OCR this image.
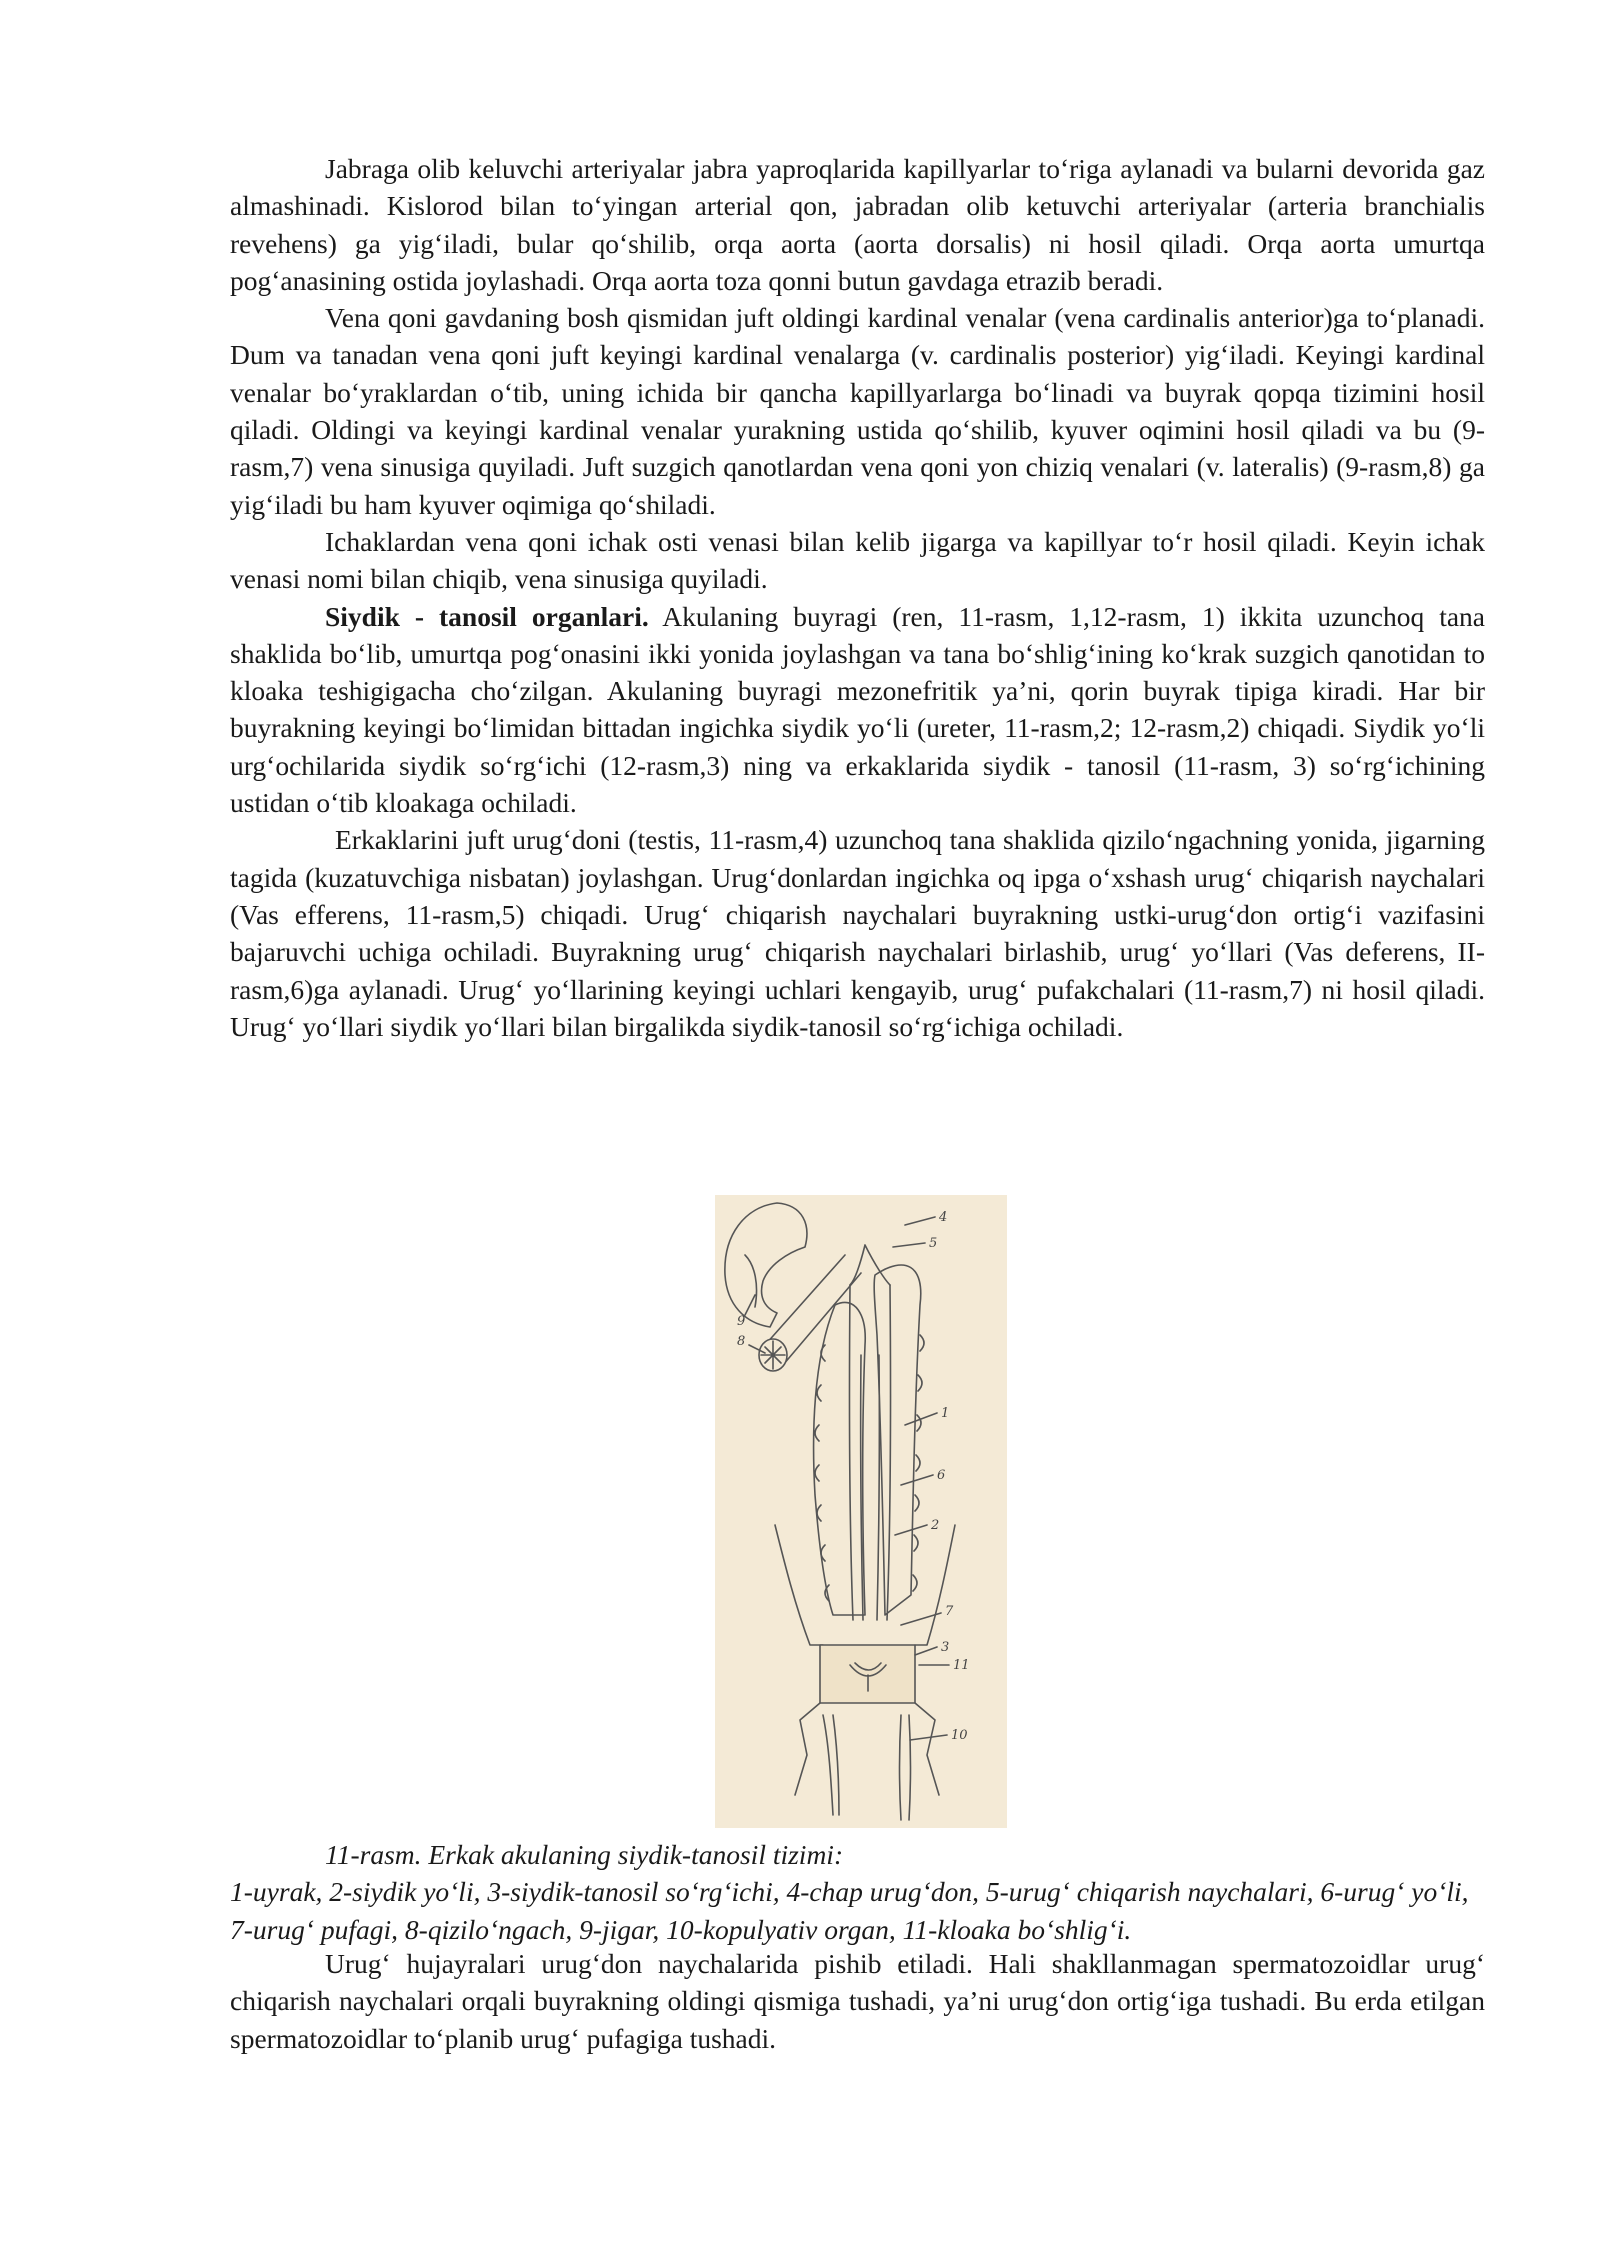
Jabraga olib keluvchi arteriyalar jabra yaproqlarida kapillyarlar to‘riga aylanadi va bularni devorida gaz almashinadi. Kislorod bilan to‘yingan arterial qon, jabradan olib ketuvchi arteriyalar (arteria branchialis revehens) ga yig‘iladi, bular qo‘shilib, orqa aorta (aorta dorsalis) ni hosil qiladi. Orqa aorta umurtqa pog‘anasining ostida joylashadi. Orqa aorta toza qonni butun gavdaga etrazib beradi.

Vena qoni gavdaning bosh qismidan juft oldingi kardinal venalar (vena cardinalis anterior)ga to‘planadi. Dum va tanadan vena qoni juft keyingi kardinal venalarga (v. cardinalis posterior) yig‘iladi. Keyingi kardinal venalar bo‘yraklardan o‘tib, uning ichida bir qancha kapillyarlarga bo‘linadi va buyrak qopqa tizimini hosil qiladi. Oldingi va keyingi kardinal venalar yurakning ustida qo‘shilib, kyuver oqimini hosil qiladi va bu (9-rasm,7) vena sinusiga quyiladi. Juft suzgich qanotlardan vena qoni yon chiziq venalari (v. lateralis) (9-rasm,8) ga yig‘iladi bu ham kyuver oqimiga qo‘shiladi.

Ichaklardan vena qoni ichak osti venasi bilan kelib jigarga va kapillyar to‘r hosil qiladi. Keyin ichak venasi nomi bilan chiqib, vena sinusiga quyiladi.

Siydik - tanosil organlari. Akulaning buyragi (ren, 11-rasm, 1,12-rasm, 1) ikkita uzunchoq tana shaklida bo‘lib, umurtqa pog‘onasini ikki yonida joylashgan va tana bo‘shlig‘ining ko‘krak suzgich qanotidan to kloaka teshigigacha cho‘zilgan. Akulaning buyragi mezonefritik ya’ni, qorin buyrak tipiga kiradi. Har bir buyrakning keyingi bo‘limidan bittadan ingichka siydik yo‘li (ureter, 11-rasm,2; 12-rasm,2) chiqadi. Siydik yo‘li urg‘ochilarida siydik so‘rg‘ichi (12-rasm,3) ning va erkaklarida siydik - tanosil (11-rasm, 3) so‘rg‘ichining ustidan o‘tib kloakaga ochiladi.

Erkaklarini juft urug‘doni (testis, 11-rasm,4) uzunchoq tana shaklida qizilo‘ngachning yonida, jigarning tagida (kuzatuvchiga nisbatan) joylashgan. Urug‘donlardan ingichka oq ipga o‘xshash urug‘ chiqarish naychalari (Vas efferens, 11-rasm,5) chiqadi. Urug‘ chiqarish naychalari buyrakning ustki-urug‘don ortig‘i vazifasini bajaruvchi uchiga ochiladi. Buyrakning urug‘ chiqarish naychalari birlashib, urug‘ yo‘llari (Vas deferens, II-rasm,6)ga aylanadi. Urug‘ yo‘llarining keyingi uchlari kengayib, urug‘ pufakchalari (11-rasm,7) ni hosil qiladi. Urug‘ yo‘llari siydik yo‘llari bilan birgalikda siydik-tanosil so‘rg‘ichiga ochiladi.

4
5
9
8
1
6
2
7
3
11
10
11-rasm. Erkak akulaning siydik-tanosil tizimi:
1-uyrak, 2-siydik yo‘li, 3-siydik-tanosil so‘rg‘ichi, 4-chap urug‘don, 5-urug‘ chiqarish naychalari, 6-urug‘ yo‘li, 7-urug‘ pufagi, 8-qizilo‘ngach, 9-jigar, 10-kopulyativ organ, 11-kloaka bo‘shlig‘i.

Urug‘ hujayralari urug‘don naychalarida pishib etiladi. Hali shakllanmagan spermatozoidlar urug‘ chiqarish naychalari orqali buyrakning oldingi qismiga tushadi, ya’ni urug‘don ortig‘iga tushadi. Bu erda etilgan spermatozoidlar to‘planib urug‘ pufagiga tushadi.
